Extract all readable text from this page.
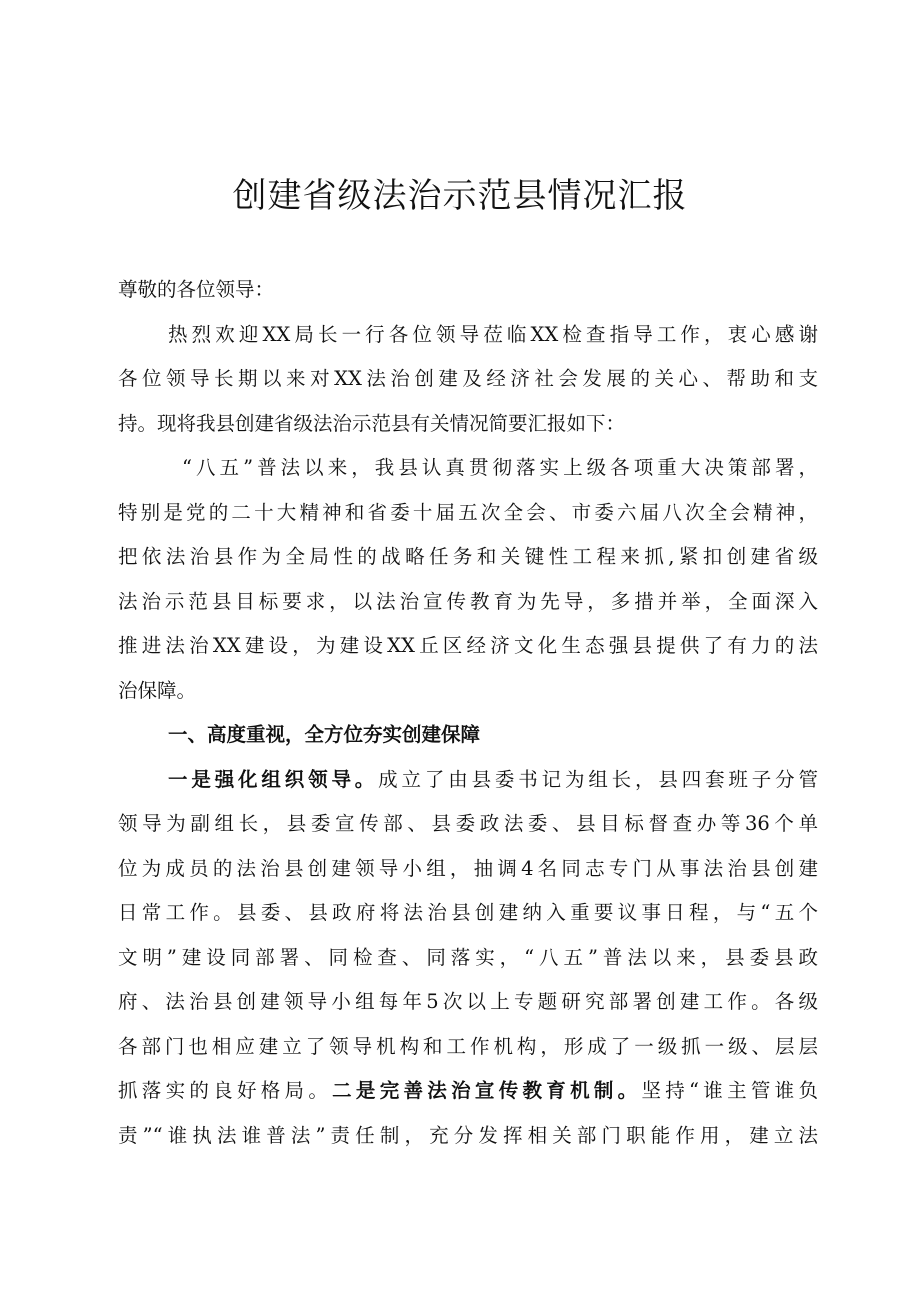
创建省级法治示范县情况汇报
尊敬的各位领导：
热烈欢迎XX局长一行各位领导莅临XX检查指导工作，衷心感谢
各位领导长期以来对XX法治创建及经济社会发展的关心、帮助和支
持。现将我县创建省级法治示范县有关情况简要汇报如下：
“八五”普法以来，我县认真贯彻落实上级各项重大决策部署，
特别是党的二十大精神和省委十届五次全会、市委六届八次全会精神，
把依法治县作为全局性的战略任务和关键性工程来抓,紧扣创建省级
法治示范县目标要求，以法治宣传教育为先导，多措并举，全面深入
推进法治XX建设，为建设XX丘区经济文化生态强县提供了有力的法
治保障。
一、高度重视，全方位夯实创建保障
一是强化组织领导。成立了由县委书记为组长，县四套班子分管
领导为副组长，县委宣传部、县委政法委、县目标督查办等36个单
位为成员的法治县创建领导小组，抽调4名同志专门从事法治县创建
日常工作。县委、县政府将法治县创建纳入重要议事日程，与“五个
文明”建设同部署、同检查、同落实，“八五”普法以来，县委县政
府、法治县创建领导小组每年5次以上专题研究部署创建工作。各级
各部门也相应建立了领导机构和工作机构，形成了一级抓一级、层层
抓落实的良好格局。二是完善法治宣传教育机制。坚持“谁主管谁负
责”“谁执法谁普法”责任制，充分发挥相关部门职能作用，建立法
